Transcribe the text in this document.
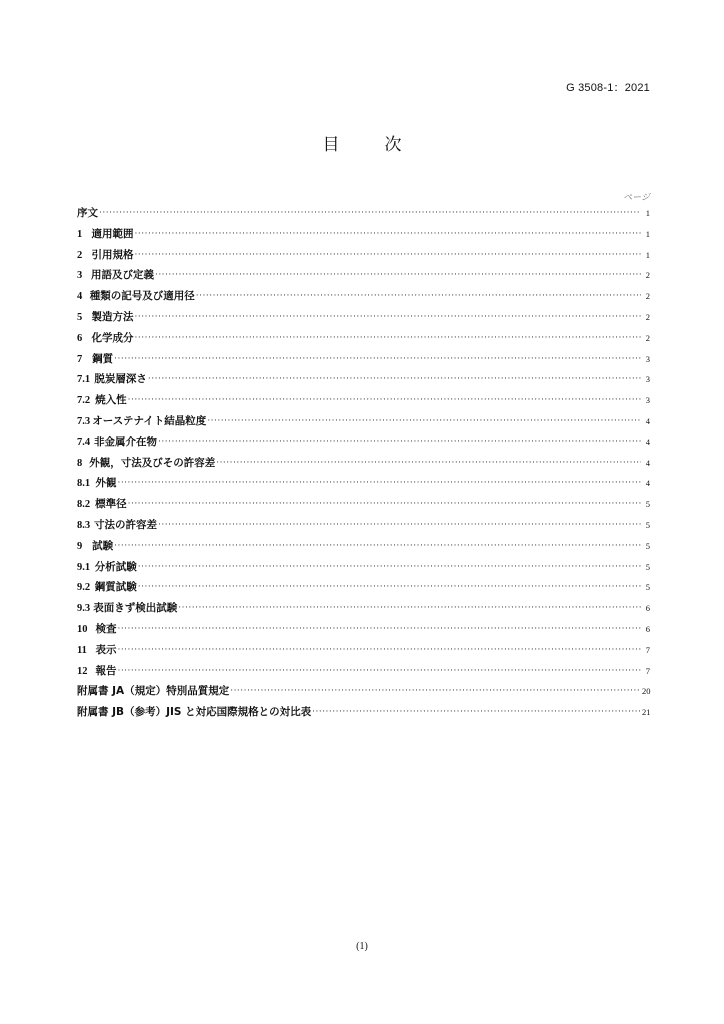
G 3508-1：2021
目　次
ページ
序文 ·····	1
1 適用範囲 ·····	1
2 引用規格 ·····	1
3 用語及び定義 ·····	2
4 種類の記号及び適用径 ·····	2
5 製造方法 ·····	2
6 化学成分 ·····	2
7 鋼質 ·····	3
7.1 脱炭層深さ ·····	3
7.2 焼入性 ·····	3
7.3 オーステナイト結晶粒度 ·····	4
7.4 非金属介在物 ·····	4
8 外観，寸法及びその許容差 ·····	4
8.1 外観 ·····	4
8.2 標準径 ·····	5
8.3 寸法の許容差 ·····	5
9 試験 ·····	5
9.1 分析試験 ·····	5
9.2 鋼質試験 ·····	5
9.3 表面きず検出試験 ·····	6
10 検査 ·····	6
11 表示 ·····	7
12 報告 ·····	7
附属書 JA（規定）特別品質規定 ·····	20
附属書 JB（参考）JIS と対応国際規格との対比表 ·····	21
(1)
